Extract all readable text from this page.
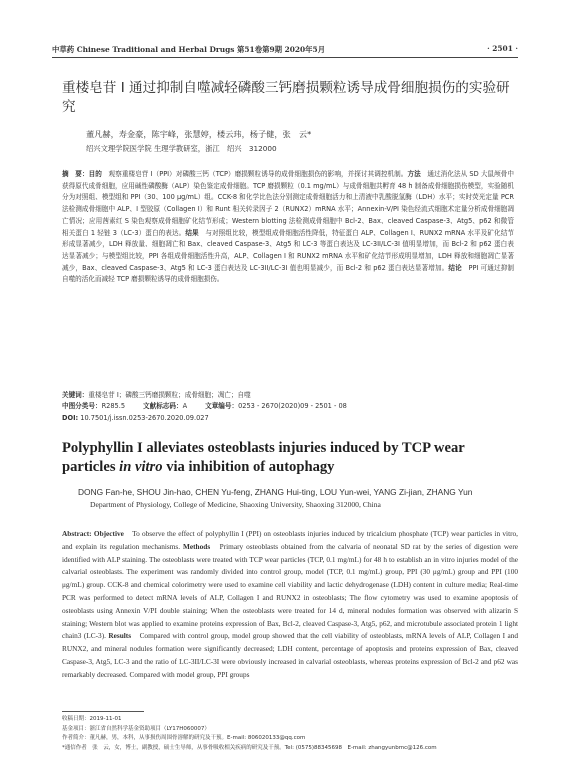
中草药 Chinese Traditional and Herbal Drugs 第51卷第9期 2020年5月	· 2501 ·
重楼皂苷 I 通过抑制自噬减轻磷酸三钙磨损颗粒诱导成骨细胞损伤的实验研究
董凡赫，寿金豪，陈宇峰，张慧婷，楼云玮，杨子健，张　云*
绍兴文理学院医学院 生理学教研室，浙江　绍兴　312000
摘　要：目的　 观察重楼皂苷 I（PPI）对磷酸三钙（TCP）磨损颗粒诱导的成骨细胞损伤的影响，并探讨其调控机制。方法　 通过消化法从 SD 大鼠颅骨中获得原代成骨细胞，应用碱性磷酸酶（ALP）染色鉴定成骨细胞。TCP 磨损颗粒（0.1 mg/mL）与成骨细胞共孵育 48 h 制备成骨细胞损伤模型，实验随机分为对照组、模型组和 PPI（30、100 μg/mL）组。CCK-8 和化学比色法分别测定成骨细胞活力和上清液中乳酸脱氢酶（LDH）水平；实时荧光定量 PCR 法检测成骨细胞中 ALP、I 型胶原（Collagen I）和 Runt 相关转录因子 2（RUNX2）mRNA 水平；Annexin-V/PI 染色经流式细胞术定量分析成骨细胞凋亡情况；应用茜素红 S 染色观察成骨细胞矿化结节形成；Western blotting 法检测成骨细胞中 Bcl-2、Bax、cleaved Caspase-3、Atg5、p62 和微管相关蛋白 1 轻链 3（LC-3）蛋白的表达。结果　 与对照组比较，模型组成骨细胞活性降低，特征蛋白 ALP、Collagen I、RUNX2 mRNA 水平及矿化结节形成显著减少，LDH 释放量、细胞凋亡和 Bax、cleaved Caspase-3、Atg5 和 LC-3 等蛋白表达及 LC-3II/LC-3I 值明显增加，而 Bcl-2 和 p62 蛋白表达显著减少；与模型组比较，PPI 各组成骨细胞活性升高，ALP、Collagen I 和 RUNX2 mRNA 水平和矿化结节形成明显增加，LDH 释放和细胞凋亡显著减少，Bax、cleaved Caspase-3、Atg5 和 LC-3 蛋白表达及 LC-3II/LC-3I 值也明显减少，而 Bcl-2 和 p62 蛋白表达显著增加。结论　 PPI 可通过抑制自噬的活化而减轻 TCP 磨损颗粒诱导的成骨细胞损伤。
关键词：重楼皂苷 I；磷酸三钙磨损颗粒；成骨细胞；凋亡；自噬
中图分类号：R285.5	文献标志码：A	文章编号：0253 - 2670(2020)09 - 2501 - 08
DOI: 10.7501/j.issn.0253-2670.2020.09.027
Polyphyllin I alleviates osteoblasts injuries induced by TCP wear particles in vitro via inhibition of autophagy
DONG Fan-he, SHOU Jin-hao, CHEN Yu-feng, ZHANG Hui-ting, LOU Yun-wei, YANG Zi-jian, ZHANG Yun
Department of Physiology, College of Medicine, Shaoxing University, Shaoxing 312000, China
Abstract: Objective　 To observe the effect of polyphyllin I (PPI) on osteoblasts injuries induced by tricalcium phosphate (TCP) wear particles in vitro, and explain its regulation mechanisms. Methods　 Primary osteoblasts obtained from the calvaria of neonatal SD rat by the series of digestion were identified with ALP staining. The osteoblasts were treated with TCP wear particles (TCP, 0.1 mg/mL) for 48 h to establish an in vitro injuries model of the calvarial osteoblasts. The experiment was randomly divided into control group, model (TCP, 0.1 mg/mL) group, PPI (30 μg/mL) group and PPI (100 μg/mL) group. CCK-8 and chemical colorimetry were used to examine cell viability and lactic dehydrogenase (LDH) content in culture media; Real-time PCR was performed to detect mRNA levels of ALP, Collagen I and RUNX2 in osteoblasts; The flow cytometry was used to examine apoptosis of osteoblasts using Annexin V/PI double staining; When the osteoblasts were treated for 14 d, mineral nodules formation was observed with alizarin S staining; Western blot was applied to examine proteins expression of Bax, Bcl-2, cleaved Caspase-3, Atg5, p62, and microtubule associated protein 1 light chain3 (LC-3). Results　 Compared with control group, model group showed that the cell viability of osteoblasts, mRNA levels of ALP, Collagen I and RUNX2, and mineral nodules formation were significantly decreased; LDH content, percentage of apoptosis and proteins expression of Bax, cleaved Caspase-3, Atg5, LC-3 and the ratio of LC-3II/LC-3I were obviously increased in calvarial osteoblasts, whereas proteins expression of Bcl-2 and p62 was remarkably decreased. Compared with model group, PPI groups
收稿日期：2019-11-01
基金项目：浙江省自然科学基金资助项目（LY17H060007）
作者简介：董凡赫，男，本科，从事损伤周围骨溶解的研究及干预。E-mail: 806020133@qq.com
*通信作者　张　云，女，博士，副教授，硕士生导师，从事骨吸收相关疾病的研究及干预。Tel: (0575)88345698　E-mail: zhangyunbmc@126.com
